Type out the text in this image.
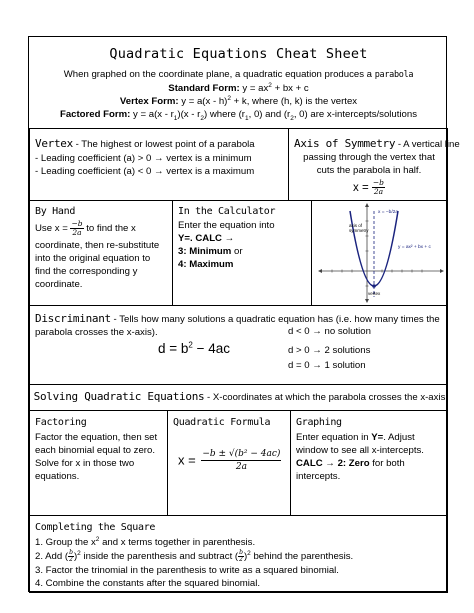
Quadratic Equations Cheat Sheet
When graphed on the coordinate plane, a quadratic equation produces a parabola
Standard Form: $y = ax^2$ + bx + c
Vertex Form: y = a(x - h)$^2$ + k, where (h, k) is the vertex
Factored Form: $y = a(x - r_1)(x - r_2)$ where ($r_1$, 0) and ($r_2$, 0) are x-intercepts/solutions
Vertex - The highest or lowest point of a parabola
- Leading coefficient (a) > 0 → vertex is a minimum
- Leading coefficient (a) < 0 → vertex is a maximum
Axis of Symmetry - A vertical line
passing through the vertex that
cuts the parabola in half.
$x = \frac{-b}{2a}$
By Hand
Use $x = \frac{-b}{2a}$ to find the x
coordinate, then re-substitute
into the original equation to
find the corresponding y
coordinate.
In the Calculator
Enter the equation into
Y=. CALC →
3: Minimum or
4: Maximum
x = −b/2a
y = ax² + bx + c
axis of
symmetry
vertex
Discriminant - Tells how many solutions a quadratic equation has (i.e. how many times the
parabola crosses the x-axis).
$d = b^2 - 4ac$
d < 0 → no solution
d > 0 → 2 solutions
d = 0 → 1 solution
Solving Quadratic Equations - X-coordinates at which the parabola crosses the x-axis
Factoring
Factor the equation, then set
each binomial equal to zero.
Solve for x in those two
equations.
Quadratic Formula
$x = \frac{\text{−b ± √(b² − 4ac)}}{2a}$
Graphing
Enter equation in Y=. Adjust
window to see all x-intercepts.
CALC → 2: Zero for both
intercepts.
Completing the Square
1. Group the $x^2$ and x terms together in parenthesis.
2. Add ( $\frac{b}{2} )^2$ inside the parenthesis and subtract ( $\frac{b}{2} )^2$ behind the parenthesis.
3. Factor the trinomial in the parenthesis to write as a squared binomial.
4. Combine the constants after the squared binomial.
